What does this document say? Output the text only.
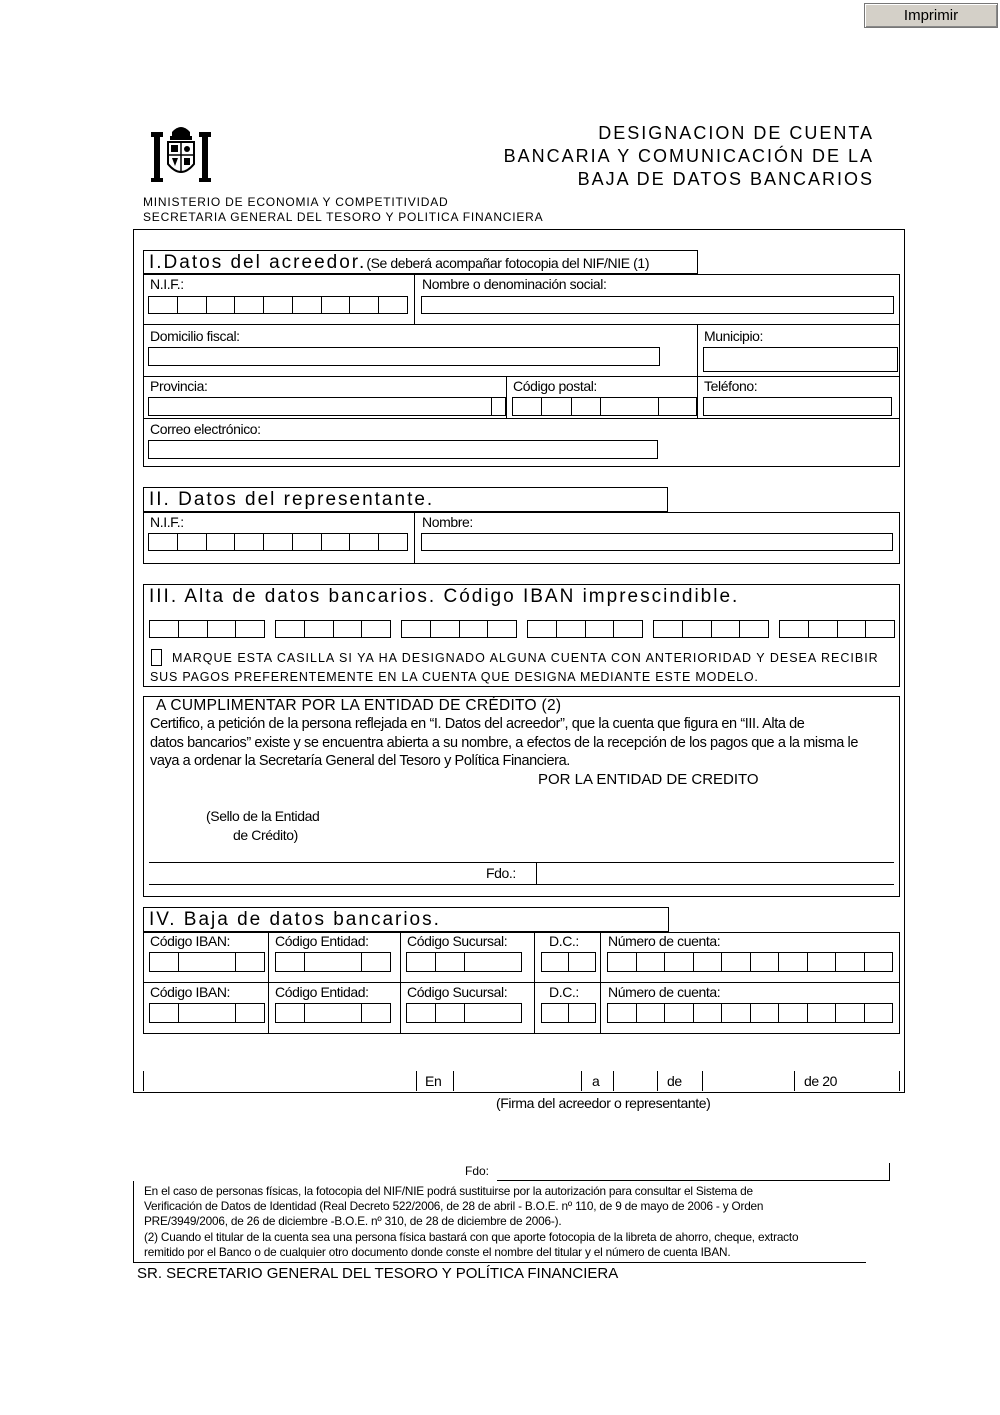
Imprimir
DESIGNACION DE CUENTA
BANCARIA Y COMUNICACIÓN DE LA
BAJA DE DATOS BANCARIOS
MINISTERIO DE ECONOMIA Y COMPETITIVIDAD
SECRETARIA GENERAL DEL TESORO Y POLITICA FINANCIERA
I.Datos del acreedor.(Se deberá acompañar fotocopia del NIF/NIE (1)
N.I.F.:	Nombre o denominación social:
Domicilio fiscal:	Municipio:
Provincia:	Código postal:	Teléfono:
Correo electrónico:
II. Datos del representante.
N.I.F.:	Nombre:
III. Alta de datos bancarios. Código IBAN imprescindible.
MARQUE ESTA CASILLA SI YA HA DESIGNADO ALGUNA CUENTA CON ANTERIORIDAD Y DESEA RECIBIR
SUS PAGOS PREFERENTEMENTE EN LA CUENTA QUE DESIGNA MEDIANTE ESTE MODELO.
A CUMPLIMENTAR POR LA ENTIDAD DE CRÉDITO (2)
Certifico, a petición de la persona reflejada en “I. Datos del acreedor”, que la cuenta que figura en “III. Alta de
datos bancarios” existe y se encuentra abierta a su nombre, a efectos de la recepción de los pagos que a la misma le
vaya a ordenar la Secretaría General del Tesoro y Política Financiera.
POR LA ENTIDAD DE CREDITO
(Sello de la Entidad
de Crédito)
Fdo.:
IV. Baja de datos bancarios.
Código IBAN:	Código Entidad:	Código Sucursal:	D.C.: Número de cuenta:
Código IBAN:	Código Entidad:	Código Sucursal:	D.C.: Número de cuenta:
En	a	de	de 20
(Firma del acreedor o representante)
Fdo:
En el caso de personas físicas, la fotocopia del NIF/NIE podrá sustituirse por la autorización para consultar el Sistema de
Verificación de Datos de Identidad (Real Decreto 522/2006, de 28 de abril - B.O.E. nº 110, de 9 de mayo de 2006 - y Orden
PRE/3949/2006, de 26 de diciembre -B.O.E. nº 310, de 28 de diciembre de 2006-).
(2) Cuando el titular de la cuenta sea una persona física bastará con que aporte fotocopia de la libreta de ahorro, cheque, extracto
remitido por el Banco o de cualquier otro documento donde conste el nombre del titular y el número de cuenta IBAN.
SR. SECRETARIO GENERAL DEL TESORO Y POLÍTICA FINANCIERA
